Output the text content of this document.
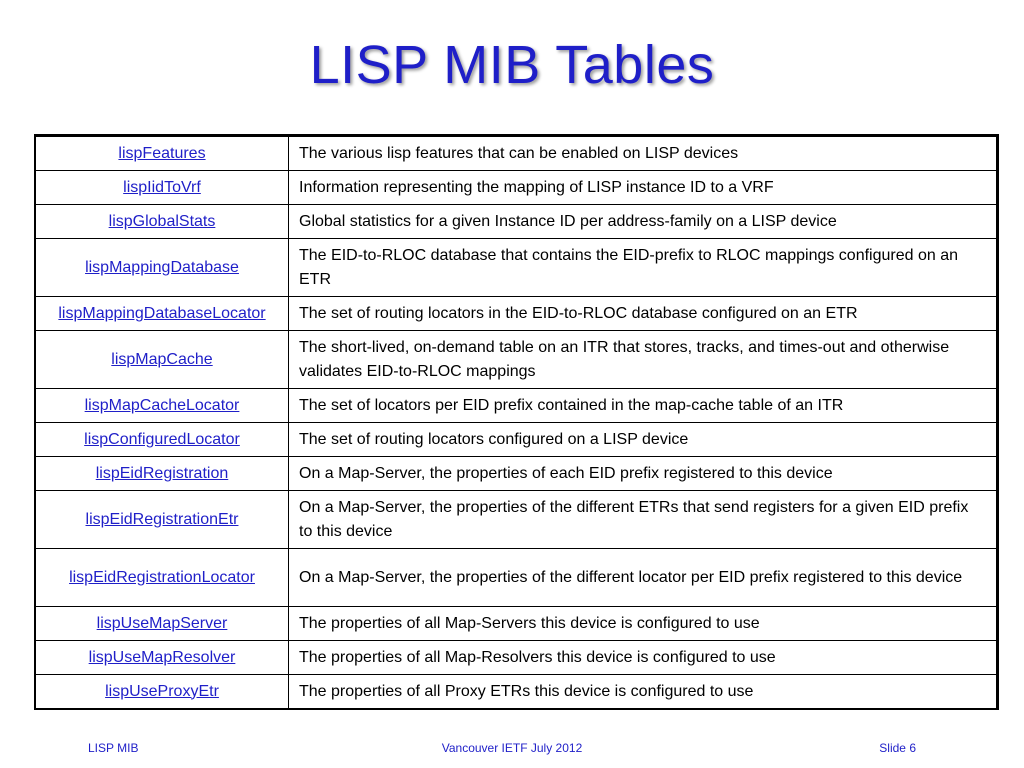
LISP MIB Tables
lispFeatures	The various lisp features that can be enabled on LISP devices
lispIidToVrf	Information representing the mapping of LISP instance ID to a VRF
lispGlobalStats	Global statistics for a given Instance ID per address-family on a LISP device
lispMappingDatabase	The EID-to-RLOC database that contains the EID-prefix to RLOC mappings configured on an ETR
lispMappingDatabaseLocator	The set of routing locators in the EID-to-RLOC database configured on an ETR
lispMapCache	The short-lived, on-demand table on an ITR that stores, tracks, and times-out and otherwise validates EID-to-RLOC mappings
lispMapCacheLocator	The set of locators per EID prefix contained in the map-cache table of an ITR
lispConfiguredLocator	The set of routing locators configured on a LISP device
lispEidRegistration	On a Map-Server, the properties of each EID prefix registered to this device
lispEidRegistrationEtr	On a Map-Server, the properties of the different ETRs that send registers for a given EID prefix to this device
lispEidRegistrationLocator	On a Map-Server, the properties of the different locator per EID prefix registered to this device
lispUseMapServer	The properties of all Map-Servers this device is configured to use
lispUseMapResolver	The properties of all Map-Resolvers this device is configured to use
lispUseProxyEtr	The properties of all Proxy ETRs this device is configured to use
LISP MIB	Vancouver IETF July 2012	Slide 6
